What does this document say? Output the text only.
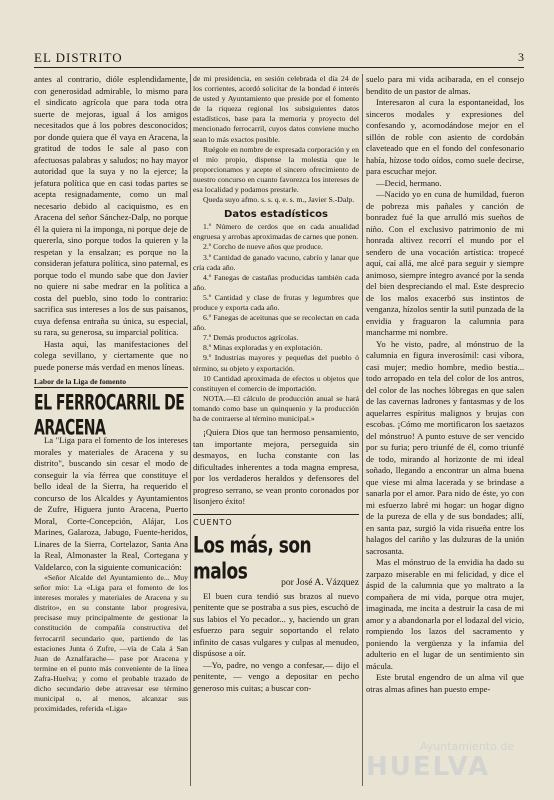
EL DISTRITO	3

antes al contrario, dióle esplendidamente, con generosidad admirable, lo mismo para el sindicato agrícola que para toda otra suerte de mejoras, igual á los amigos necesitados que á los pobres desconocidos; por donde quiera que él vaya en Aracena, la gratitud de todos le sale al paso con afectuosas palabras y saludos; no hay mayor autoridad que la suya y no la ejerce; la jefatura política que en casi todas partes se acepta resignadamente, como un mal necesario debido al caciquismo, es en Aracena del señor Sánchez-Dalp, no porque él la quiera ni la imponga, ni porque deje de quererla, sino porque todos la quieren y la respetan y la ensalzan; es porque no la consideran jefatura política, sino paternal, es porque todo el mundo sabe que don Javier no quiere ni sabe medrar en la política a costa del pueblo, sino todo lo contrario: sacrifica sus intereses a los de sus paisanos, cuya defensa entraña su única, su especial, su rara, su generosa, su imparcial política.

Hasta aquí, las manifestaciones del colega sevillano, y ciertamente que no puede ponerse más verdad en menos líneas.

Labor de la Liga de fomento
EL FERROCARRIL DE ARACENA

La "Liga para el fomento de los intereses morales y materiales de Aracena y su distrito", buscando sin cesar el modo de conseguir la vía férrea que constituye el bello ideal de la Sierra, ha requerido el concurso de los Alcaldes y Ayuntamientos de Zufre, Higuera junto Aracena, Puerto Moral, Corte-Concepción, Alájar, Los Marines, Galaroza, Jabugo, Fuente-heridos, Linares de la Sierra, Cortelazor, Santa Ana la Real, Almonaster la Real, Cortegana y Valdelarco, con la siguiente comunicación:

«Señor Alcalde del Ayuntamiento de... Muy señor mío: La «Liga para el fomento de los intereses morales y materiales de Aracena y su distrito», en su constante labor progresiva, precisase muy principalmente de gestionar la constitución de compañía constructiva del ferrocarril secundario que, partiendo de las estaciones Junta ó Zufre, —vía de Cala á San Juan de Aznalfarache— pase por Aracena y termine en el punto más conveniente de la línea Zafra-Huelva; y como el probable trazado de dicho secundario debe atravesar ese término municipal o, al menos, alcanzar sus proximidades, referida «Liga»

de mi presidencia, en sesión celebrada el día 24 de los corrientes, acordó solicitar de la bondad é interés de usted y Ayuntamiento que preside por el fomento de la riqueza regional los subsiguientes datos estadísticos, base para la memoria y proyecto del mencionado ferrocarril, cuyos datos conviene mucho sean lo más exactos posible.

Ruégole en nombre de expresada corporación y en el mío propio, dispense la molestia que le proporcionamos y acepte el sincero ofrecimiento de nuestro concurso en cuanto favorezca los intereses de esa localidad y podamos prestarle.

Queda suyo afmo. s. s. q. e. s. m., Javier S.-Dalp.

Datos estadísticos

1.º Número de cerdos que en cada anualidad engruesa y arrobas aproximadas de carnes que ponen.

2.º Corcho de nueve años que produce.

3.º Cantidad de ganado vacuno, cabrío y lanar que cría cada año.

4.º Fanegas de castañas producidas también cada año.

5.º Cantidad y clase de frutas y legumbres que produce y exporta cada año.

6.º Fanegas de aceitunas que se recolectan en cada año.

7.º Demás productos agrícolas.

8.º Minas exploradas y en explotación.

9.º Industrias mayores y pequeñas del pueblo ó término, su objeto y exportación.

10 Cantidad aproximada de efectos u objetos que constituyen el comercio de importación.

NOTA.—El cálculo de producción anual se hará tomando como base un quinquenio y la producción ha de contraerse al término municipal.»

¡Quiera Dios que tan hermoso pensamiento, tan importante mejora, perseguida sin desmayos, en lucha constante con las dificultades inherentes a toda magna empresa, por los verdaderos heraldos y defensores del progreso serrano, se vean pronto coronados por lisonjero éxito!

CUENTO
Los más, son malos	por José A. Vázquez

El buen cura tendió sus brazos al nuevo penitente que se postraba a sus pies, escuchó de sus labios el Yo pecador... y, haciendo un gran esfuerzo para seguir soportando el relato infinito de casas vulgares y culpas al menudeo, dispúsose a oír.

—Yo, padre, no vengo a confesar,— dijo el penitente, — vengo a depositar en pecho generoso mis cuitas; a buscar con-

suelo para mi vida acibarada, en el consejo bendito de un pastor de almas.

Interesaron al cura la espontaneidad, los sinceros modales y expresiones del confesando y, acomodándose mejor en el sillón de roble con asiento de cordobán claveteado que en el fondo del confesonario había, hízose todo oídos, como suele decirse, para escuchar mejor.

—Decid, hermano.

—Nacido yo en cuna de humildad, fueron de pobreza mis pañales y canción de bonradez fué la que arrulló mis sueños de niño. Con el exclusivo patrimonio de mi honrada altivez recorrí el mundo por el sendero de una vocación artística: tropecé aquí, caí allá, me alcé para seguir y siempre animoso, siempre íntegro avancé por la senda del bien despreciando el mal. Este desprecio de los malos exacerbó sus instintos de venganza, hízolos sentir la sutil punzada de la envidia y fraguaron la calumnia para mancharme mi nombre.

Yo he visto, padre, al mónstruo de la calumnia en figura inverosímil: casi víbora, casi mujer; medio hombre, medio bestia... todo arropado en tela del color de los antros, del color de las noches lóbregas en que salen de las cavernas ladrones y fantasmas y de los aquelarres espíritus malignos y brujas con escobas. ¡Cómo me mortificaron los saetazos del mónstruo! A punto estuve de ser vencido por su furia; pero triunfé de él, como triunfé de todo, mirando al horizonte de mi ideal soñado, llegando a encontrar un alma buena que viese mi alma lacerada y se brindase a sanarla por el amor. Para nido de éste, yo con mi esfuerzo labré mi hogar: un hogar digno de la pureza de ella y de sus bondades; allí, en santa paz, surgió la vida risueña entre los halagos del cariño y las dulzuras de la unión sacrosanta.

Mas el mónstruo de la envidia ha dado su zarpazo miserable en mi felicidad, y dice el áspid de la calumnia que yo maltrato a la compañera de mi vida, porque otra mujer, imaginada, me incita a destruir la casa de mi amor y a abandonarla por el lodazal del vicio, rompiendo los lazos del sacramento y poniendo la vergüenza y la infamia del adulterio en el lugar de un sentimiento sin mácula.

Este brutal engendro de un alma vil que otras almas afines han puesto empe-

Ayuntamiento de
HUELVA
